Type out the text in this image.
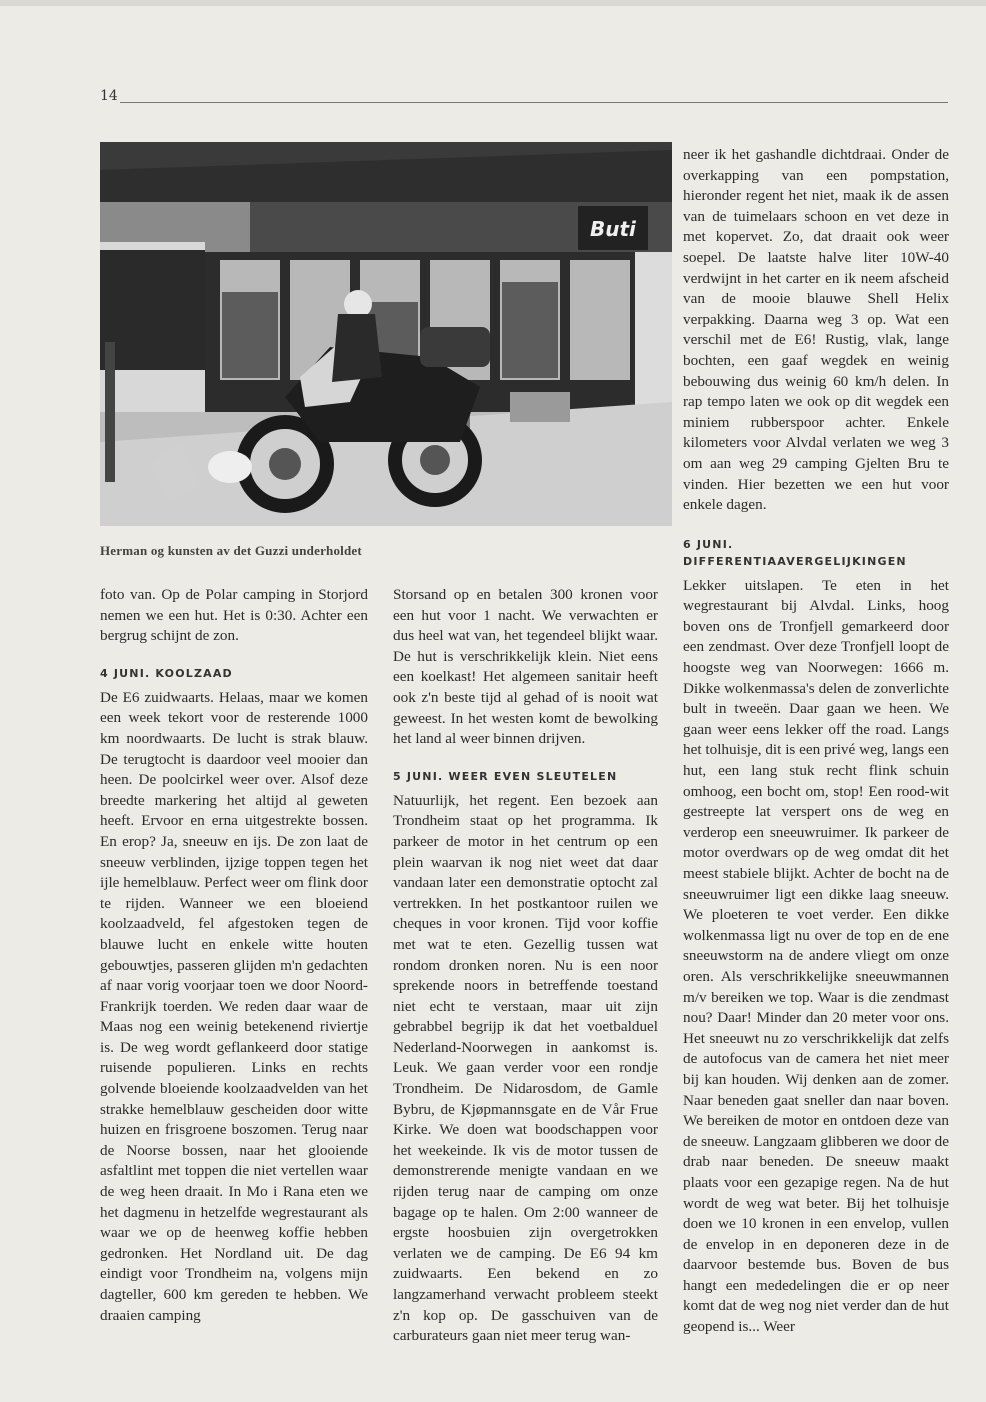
14
Buti
Herman og kunsten av det Guzzi underholdet

foto van. Op de Polar camping in Storjord nemen we een hut. Het is 0:30. Achter een bergrug schijnt de zon.

4 JUNI. KOOLZAAD

De E6 zuidwaarts. Helaas, maar we komen een week tekort voor de resterende 1000 km noordwaarts. De lucht is strak blauw. De terugtocht is daardoor veel mooier dan heen. De poolcirkel weer over. Alsof deze breedte markering het altijd al geweten heeft. Ervoor en erna uitgestrekte bossen. En erop? Ja, sneeuw en ijs. De zon laat de sneeuw verblinden, ijzige toppen tegen het ijle hemelblauw. Perfect weer om flink door te rijden. Wanneer we een bloeiend koolzaadveld, fel afgestoken tegen de blauwe lucht en enkele witte houten gebouwtjes, passeren glijden m'n gedachten af naar vorig voorjaar toen we door Noord-Frankrijk toerden. We reden daar waar de Maas nog een weinig betekenend riviertje is. De weg wordt geflankeerd door statige ruisende populieren. Links en rechts golvende bloeiende koolzaadvelden van het strakke hemelblauw gescheiden door witte huizen en frisgroene boszomen. Terug naar de Noorse bossen, naar het glooiende asfaltlint met toppen die niet vertellen waar de weg heen draait. In Mo i Rana eten we het dagmenu in hetzelfde wegrestaurant als waar we op de heenweg koffie hebben gedronken. Het Nordland uit. De dag eindigt voor Trondheim na, volgens mijn dagteller, 600 km gereden te hebben. We draaien camping

Storsand op en betalen 300 kronen voor een hut voor 1 nacht. We verwachten er dus heel wat van, het tegendeel blijkt waar. De hut is verschrikkelijk klein. Niet eens een koelkast! Het algemeen sanitair heeft ook z'n beste tijd al gehad of is nooit wat geweest. In het westen komt de bewolking het land al weer binnen drijven.

5 JUNI. WEER EVEN SLEUTELEN

Natuurlijk, het regent. Een bezoek aan Trondheim staat op het programma. Ik parkeer de motor in het centrum op een plein waarvan ik nog niet weet dat daar vandaan later een demonstratie optocht zal vertrekken. In het postkantoor ruilen we cheques in voor kronen. Tijd voor koffie met wat te eten. Gezellig tussen wat rondom dronken noren. Nu is een noor sprekende noors in betreffende toestand niet echt te verstaan, maar uit zijn gebrabbel begrijp ik dat het voetbalduel Nederland-Noorwegen in aankomst is. Leuk. We gaan verder voor een rondje Trondheim. De Nidarosdom, de Gamle Bybru, de Kjøpmannsgate en de Vår Frue Kirke. We doen wat boodschappen voor het weekeinde. Ik vis de motor tussen de demonstrerende menigte vandaan en we rijden terug naar de camping om onze bagage op te halen. Om 2:00 wanneer de ergste hoosbuien zijn overgetrokken verlaten we de camping. De E6 94 km zuidwaarts. Een bekend en zo langzamerhand verwacht probleem steekt z'n kop op. De gasschuiven van de carburateurs gaan niet meer terug wan-

neer ik het gashandle dichtdraai. Onder de overkapping van een pompstation, hieronder regent het niet, maak ik de assen van de tuimelaars schoon en vet deze in met kopervet. Zo, dat draait ook weer soepel. De laatste halve liter 10W-40 verdwijnt in het carter en ik neem afscheid van de mooie blauwe Shell Helix verpakking. Daarna weg 3 op. Wat een verschil met de E6! Rustig, vlak, lange bochten, een gaaf wegdek en weinig bebouwing dus weinig 60 km/h delen. In rap tempo laten we ook op dit wegdek een miniem rubberspoor achter. Enkele kilometers voor Alvdal verlaten we weg 3 om aan weg 29 camping Gjelten Bru te vinden. Hier bezetten we een hut voor enkele dagen.

6 JUNI. DIFFERENTIAAVERGELIJKINGEN

Lekker uitslapen. Te eten in het wegrestaurant bij Alvdal. Links, hoog boven ons de Tronfjell gemarkeerd door een zendmast. Over deze Tronfjell loopt de hoogste weg van Noorwegen: 1666 m. Dikke wolkenmassa's delen de zonverlichte bult in tweeën. Daar gaan we heen. We gaan weer eens lekker off the road. Langs het tolhuisje, dit is een privé weg, langs een hut, een lang stuk recht flink schuin omhoog, een bocht om, stop! Een rood-wit gestreepte lat verspert ons de weg en verderop een sneeuwruimer. Ik parkeer de motor overdwars op de weg omdat dit het meest stabiele blijkt. Achter de bocht na de sneeuwruimer ligt een dikke laag sneeuw. We ploeteren te voet verder. Een dikke wolkenmassa ligt nu over de top en de ene sneeuwstorm na de andere vliegt om onze oren. Als verschrikkelijke sneeuwmannen m/v bereiken we top. Waar is die zendmast nou? Daar! Minder dan 20 meter voor ons. Het sneeuwt nu zo verschrikkelijk dat zelfs de autofocus van de camera het niet meer bij kan houden. Wij denken aan de zomer. Naar beneden gaat sneller dan naar boven. We bereiken de motor en ontdoen deze van de sneeuw. Langzaam glibberen we door de drab naar beneden. De sneeuw maakt plaats voor een gezapige regen. Na de hut wordt de weg wat beter. Bij het tolhuisje doen we 10 kronen in een envelop, vullen de envelop in en deponeren deze in de daarvoor bestemde bus. Boven de bus hangt een mededelingen die er op neer komt dat de weg nog niet verder dan de hut geopend is... Weer
